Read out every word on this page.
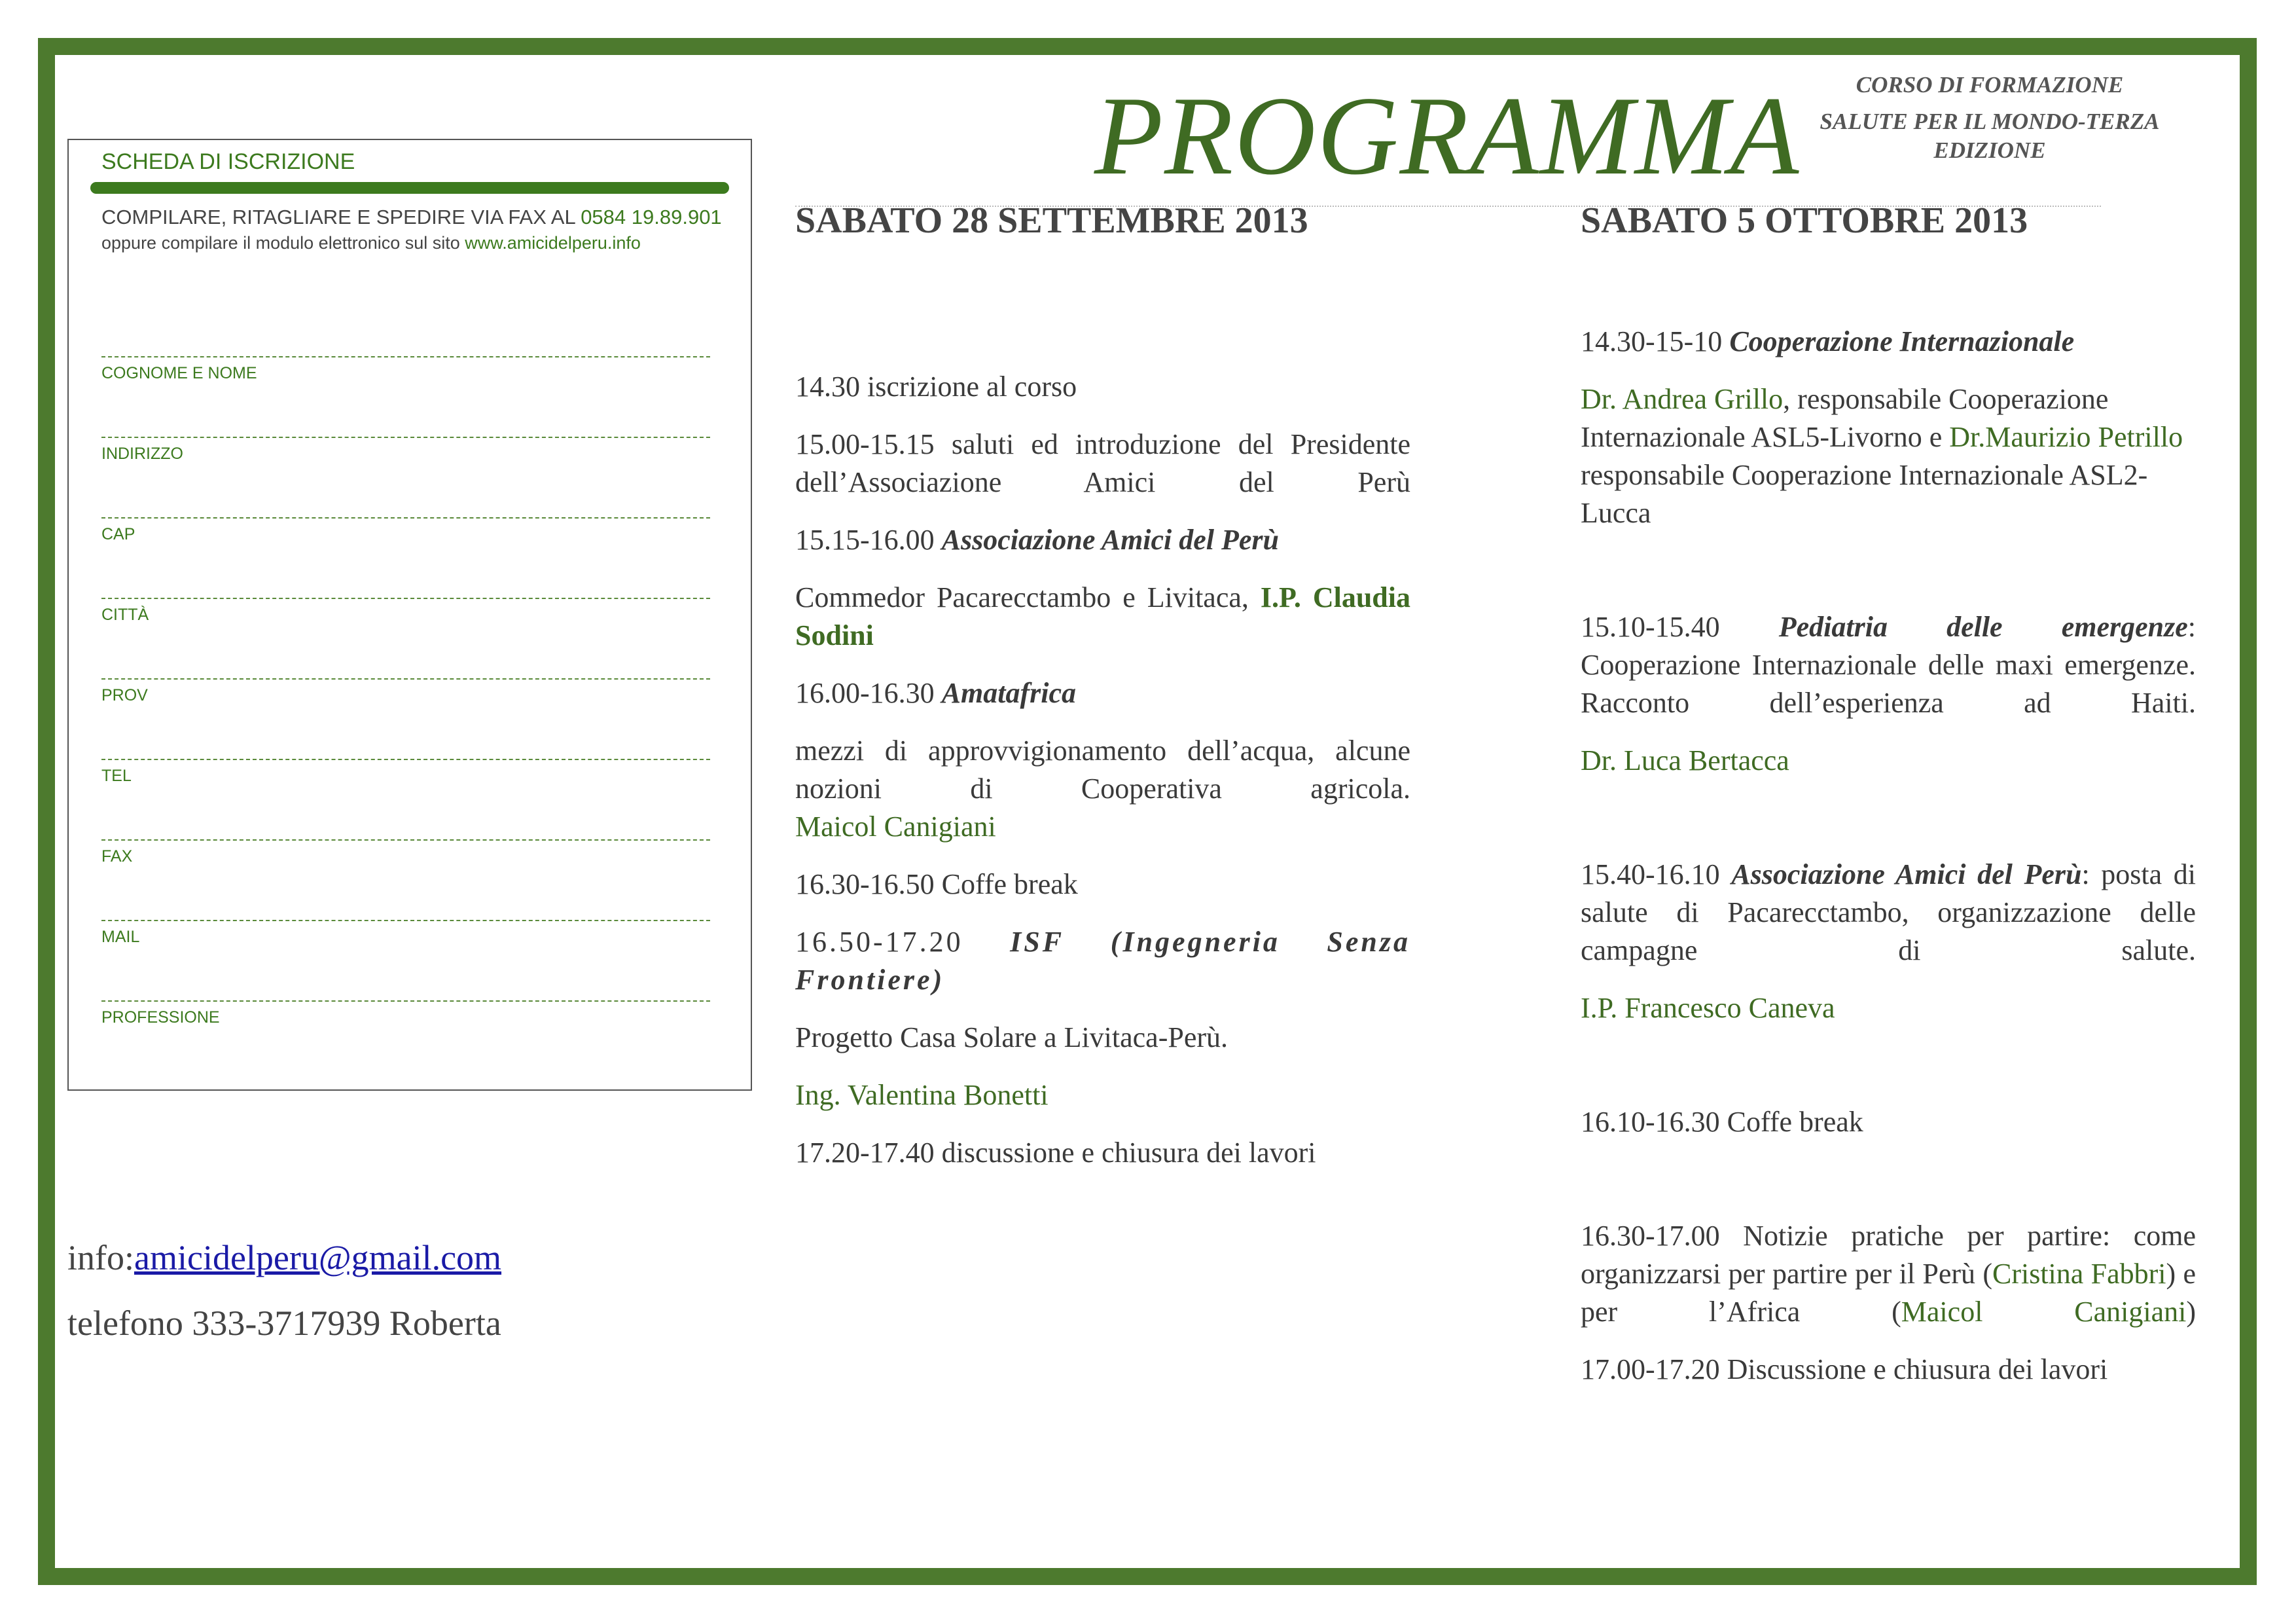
SCHEDA DI ISCRIZIONE
COMPILARE, RITAGLIARE E SPEDIRE VIA FAX AL 0584 19.89.901
oppure compilare il modulo elettronico sul sito www.amicidelperu.info
COGNOME E NOME
INDIRIZZO
CAP
CITTÀ
PROV
TEL
FAX
MAIL
PROFESSIONE
info:amicidelperu@gmail.com
telefono 333-3717939 Roberta
PROGRAMMA	CORSO DI FORMAZIONE
SALUTE PER IL MONDO-TERZA EDIZIONE
SABATO 28 SETTEMBRE 2013

14.30 iscrizione al corso

15.00-15.15 saluti ed introduzione del Presidente dell’Associazione Amici del Perù

15.15-16.00 Associazione Amici del Perù

Commedor Pacarecctambo e Livitaca, I.P. Claudia Sodini

16.00-16.30 Amatafrica

mezzi di approvvigionamento dell’acqua, alcune nozioni di Cooperativa agricola.

Maicol Canigiani

16.30-16.50 Coffe break

16.50-17.20 ISF (Ingegneria Senza Frontiere)

Progetto Casa Solare a Livitaca-Perù.

Ing. Valentina Bonetti

17.20-17.40 discussione e chiusura dei lavori

SABATO 5 OTTOBRE 2013

14.30-15-10 Cooperazione Internazionale

Dr. Andrea Grillo, responsabile Cooperazione Internazionale ASL5-Livorno e Dr.Maurizio Petrillo responsabile Cooperazione Internazionale ASL2-Lucca

15.10-15.40 Pediatria delle emergenze: Cooperazione Internazionale delle maxi emergenze. Racconto dell’esperienza ad Haiti.

Dr. Luca Bertacca

15.40-16.10 Associazione Amici del Perù: posta di salute di Pacarecctambo, organizzazione delle campagne di salute.

I.P. Francesco Caneva

16.10-16.30 Coffe break

16.30-17.00 Notizie pratiche per partire: come organizzarsi per partire per il Perù (Cristina Fabbri) e per l’Africa (Maicol Canigiani)

17.00-17.20 Discussione e chiusura dei lavori
